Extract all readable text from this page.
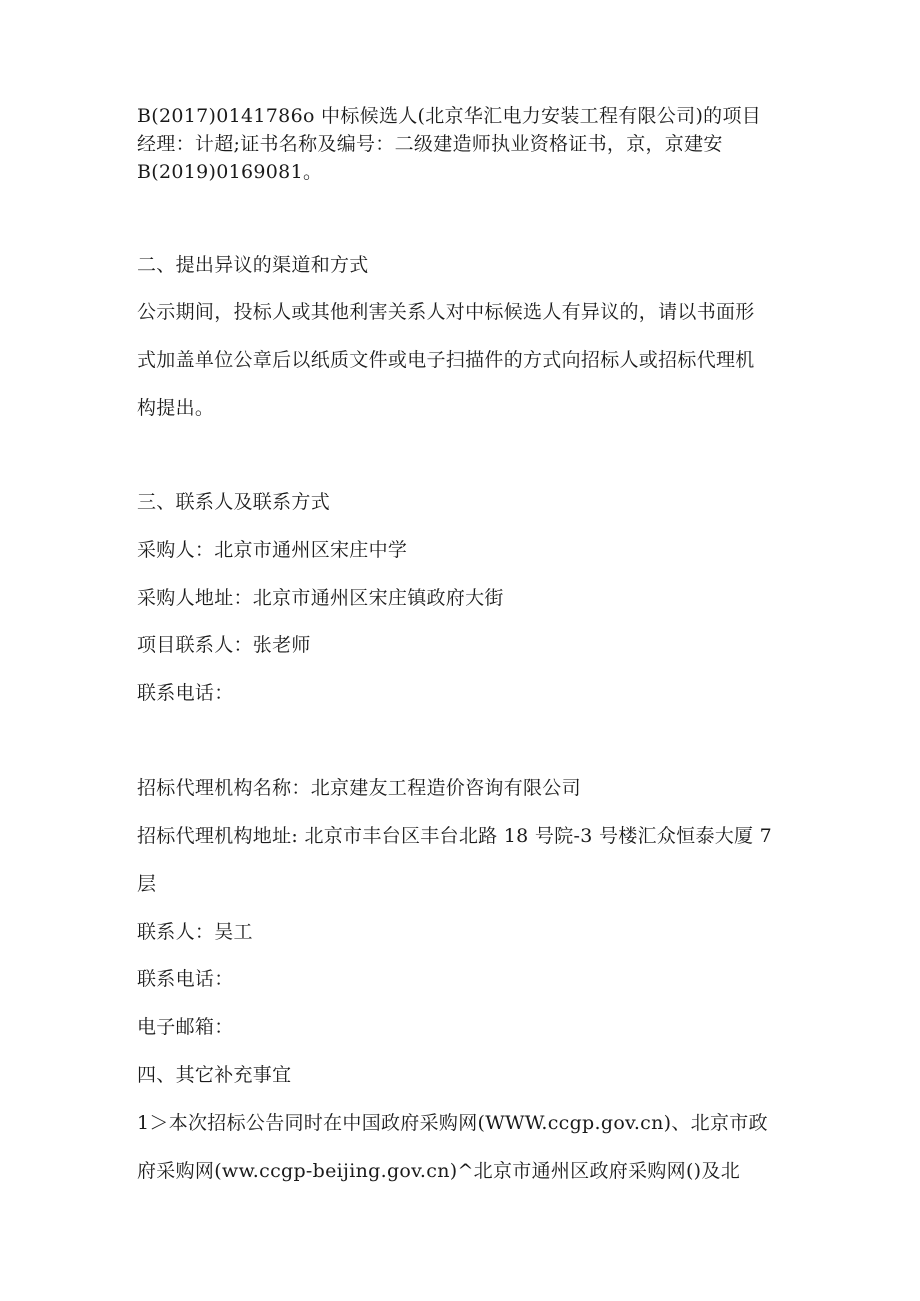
B(2017)0141786o 中标候选人(北京华汇电力安装工程有限公司)的项目
经理：计超;证书名称及编号：二级建造师执业资格证书，京，京建安
B(2019)0169081。
二、提出异议的渠道和方式
公示期间，投标人或其他利害关系人对中标候选人有异议的，请以书面形
式加盖单位公章后以纸质文件或电子扫描件的方式向招标人或招标代理机
构提出。
三、联系人及联系方式
采购人：北京市通州区宋庄中学
采购人地址：北京市通州区宋庄镇政府大街
项目联系人：张老师
联系电话：
招标代理机构名称：北京建友工程造价咨询有限公司
招标代理机构地址: 北京市丰台区丰台北路 18 号院-3 号楼汇众恒泰大厦 7
层
联系人：吴工
联系电话：
电子邮箱：
四、其它补充事宜
1＞本次招标公告同时在中国政府采购网(WWW.ccgp.gov.cn)、北京市政
府采购网(ww.ccgp-beijing.gov.cn)^北京市通州区政府采购网()及北
